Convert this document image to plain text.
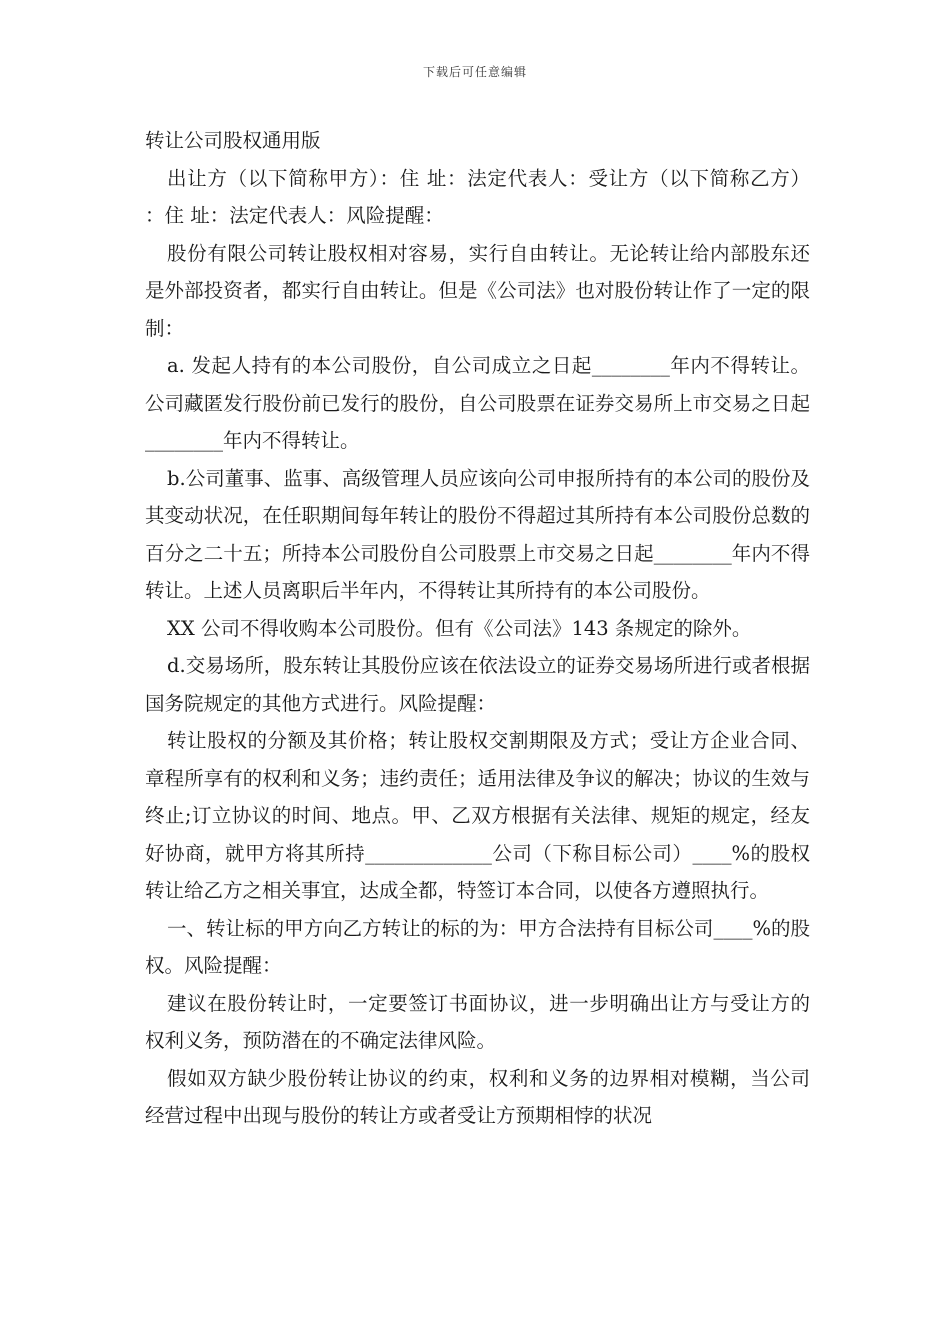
下载后可任意编辑

转让公司股权通用版

出让方（以下简称甲方）：住 址：法定代表人：受让方（以下简称乙方） ：住 址：法定代表人：风险提醒：

股份有限公司转让股权相对容易，实行自由转让。无论转让给内部股东还是外部投资者，都实行自由转让。但是《公司法》也对股份转让作了一定的限制：

a. 发起人持有的本公司股份，自公司成立之日起________年内不得转让。公司藏匿发行股份前已发行的股份，自公司股票在证券交易所上市交易之日起________年内不得转让。

b.公司董事、监事、高级管理人员应该向公司申报所持有的本公司的股份及其变动状况，在任职期间每年转让的股份不得超过其所持有本公司股份总数的百分之二十五；所持本公司股份自公司股票上市交易之日起________年内不得转让。上述人员离职后半年内，不得转让其所持有的本公司股份。

XX 公司不得收购本公司股份。但有《公司法》143 条规定的除外。

d.交易场所，股东转让其股份应该在依法设立的证券交易场所进行或者根据国务院规定的其他方式进行。风险提醒：

转让股权的分额及其价格；转让股权交割期限及方式；受让方企业合同、章程所享有的权利和义务；违约责任；适用法律及争议的解决；协议的生效与终止;订立协议的时间、地点。甲、乙双方根据有关法律、规矩的规定，经友好协商，就甲方将其所持_____________公司（下称目标公司）____%的股权转让给乙方之相关事宜，达成全都，特签订本合同，以使各方遵照执行。

一、转让标的甲方向乙方转让的标的为：甲方合法持有目标公司____%的股权。风险提醒：

建议在股份转让时，一定要签订书面协议，进一步明确出让方与受让方的权利义务，预防潜在的不确定法律风险。

假如双方缺少股份转让协议的约束，权利和义务的边界相对模糊，当公司经营过程中出现与股份的转让方或者受让方预期相悖的状况
